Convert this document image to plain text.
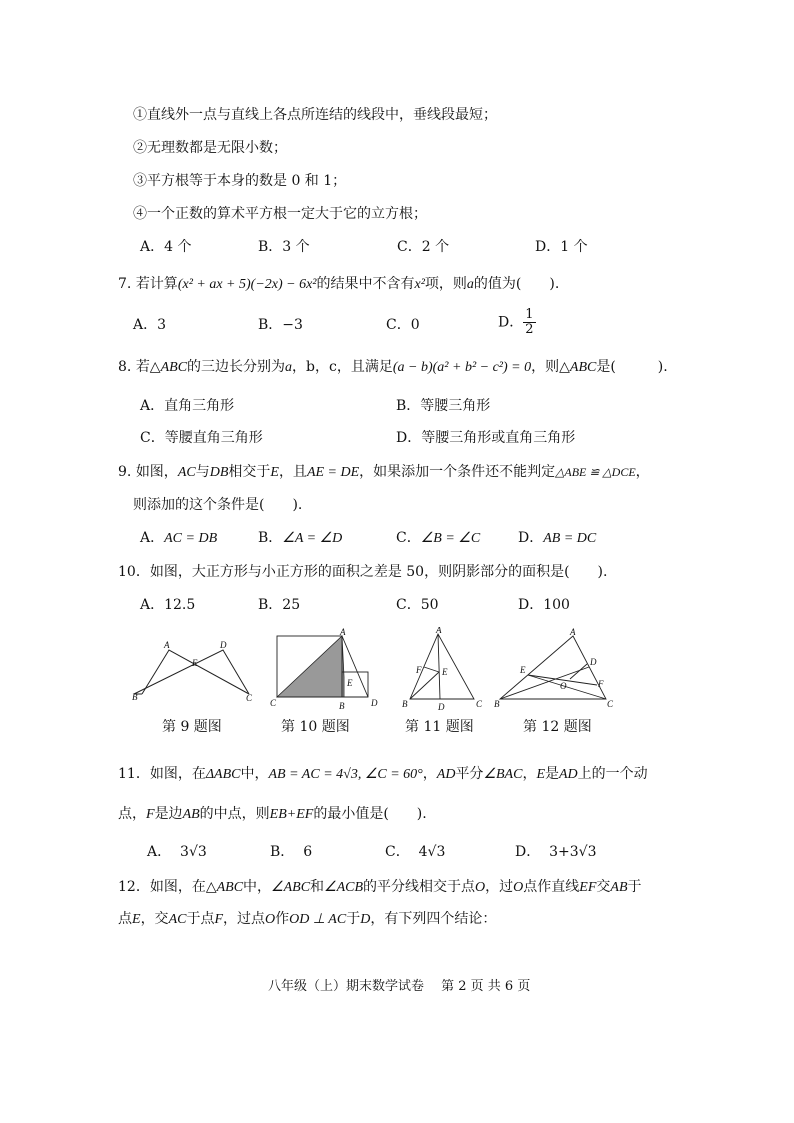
①直线外一点与直线上各点所连结的线段中，垂线段最短；
②无理数都是无限小数；
③平方根等于本身的数是 0 和 1；
④一个正数的算术平方根一定大于它的立方根；
A．4 个	B．3 个	C．2 个	D．1 个
7. 若计算(x² + ax + 5)(−2x) − 6x²的结果中不含有x²项，则a的值为(　　).
A．3	B．−3	C．0	D． $\frac{1}{2}$
8. 若△ABC的三边长分别为a，b，c，且满足(a − b)(a² + b² − c²) = 0，则△ABC是(　　　).
A．直角三角形	B．等腰三角形
C．等腰直角三角形	D．等腰三角形或直角三角形
9. 如图，AC与DB相交于E，且AE = DE，如果添加一个条件还不能判定△ABE ≌ △DCE，
则添加的这个条件是(　　).
A．AC = DB	B．∠A = ∠D	C．∠B = ∠C	D．AB = DC
10．如图，大正方形与小正方形的面积之差是 50，则阴影部分的面积是(　　).
A．12.5	B．25	C．50	D．100
A	D
E
B	C
第 9 题图
A
E
C	B	D
第 10 题图
A
F E
B	D	C
第 11 题图
A
D
E
O	F
B	C
第 12 题图
11．如图，在ΔABC中，AB = AC = 4√3, ∠C = 60°，AD平分∠BAC，E是AD上的一个动
点，F是边AB的中点，则EB+EF的最小值是(　　).
A． 3√3	B． 6	C． 4√3	D． 3+3√3
12．如图，在△ABC中，∠ABC和∠ACB的平分线相交于点O，过O点作直线EF交AB于
点E，交AC于点F，过点O作OD ⊥ AC于D，有下列四个结论：
八年级（上）期末数学试卷　 第 2 页 共 6 页
